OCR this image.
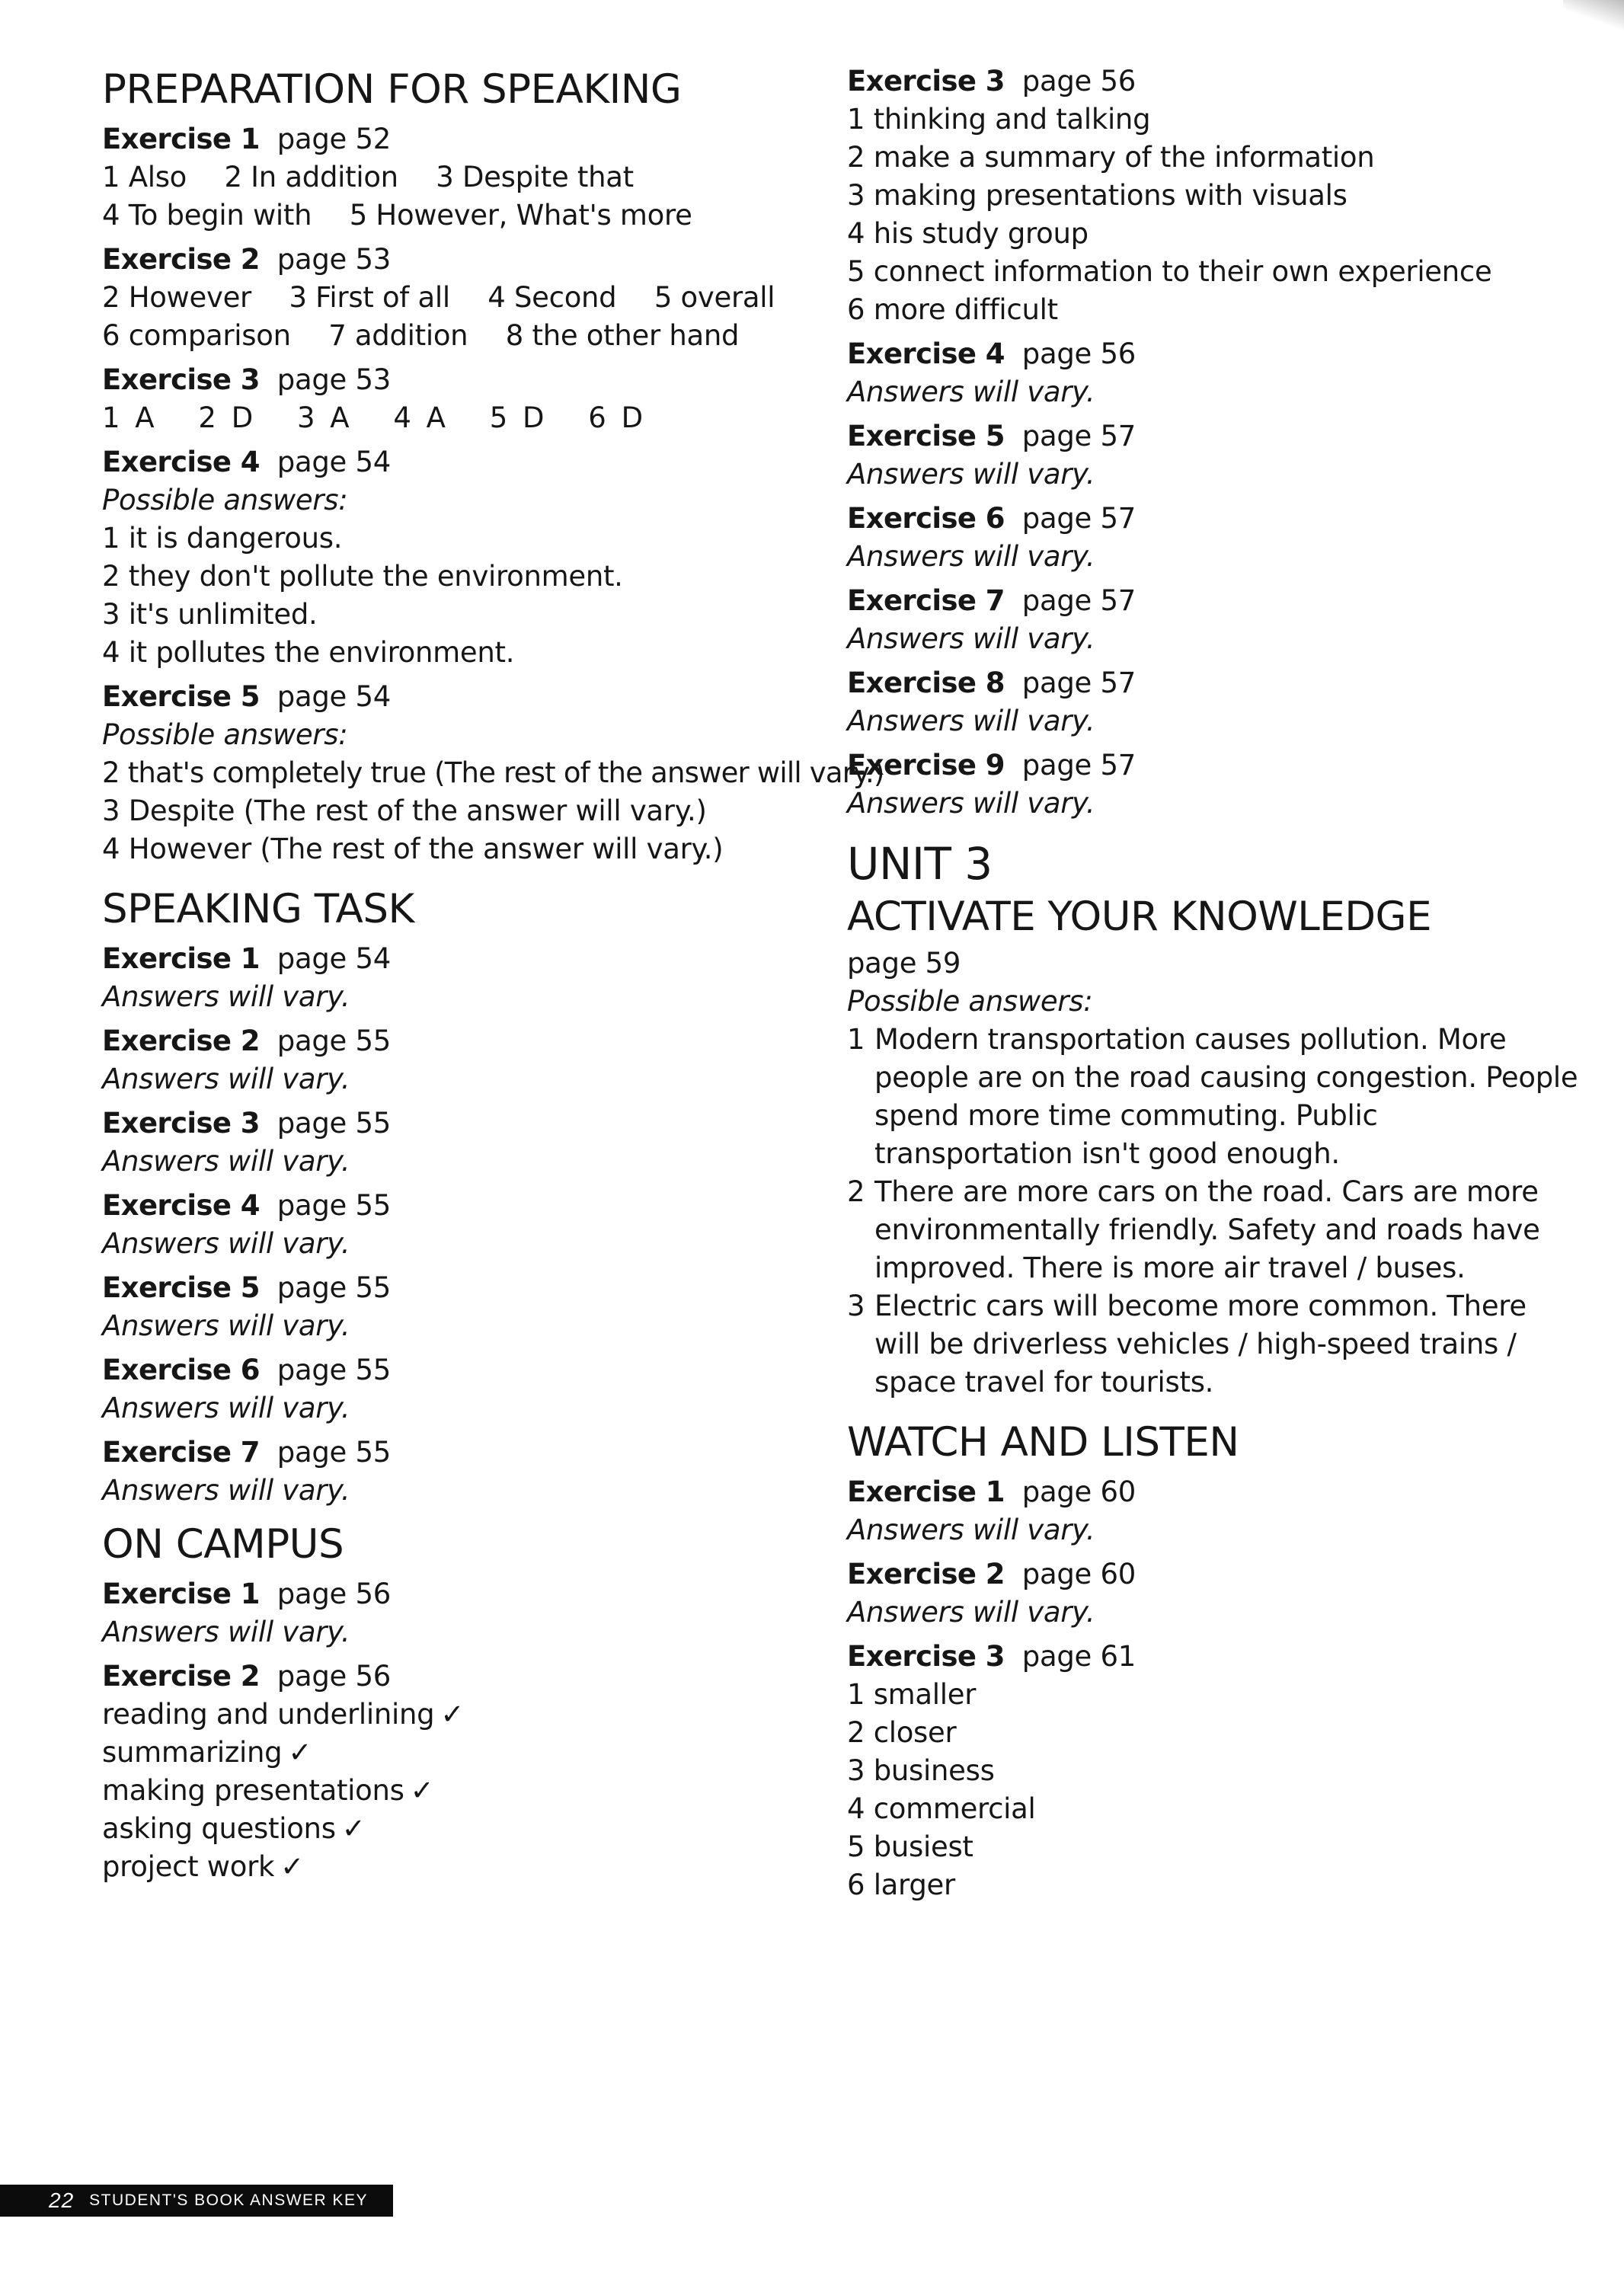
PREPARATION FOR SPEAKING
Exercise 1 page 52
1 Also 2 In addition 3 Despite that
4 To begin with 5 However, What's more
Exercise 2 page 53
2 However 3 First of all 4 Second 5 overall
6 comparison 7 addition 8 the other hand
Exercise 3 page 53
1 A 2 D 3 A 4 A 5 D 6 D
Exercise 4 page 54
Possible answers:
1 it is dangerous.
2 they don't pollute the environment.
3 it's unlimited.
4 it pollutes the environment.
Exercise 5 page 54
Possible answers:
2 that's completely true (The rest of the answer will vary.)
3 Despite (The rest of the answer will vary.)
4 However (The rest of the answer will vary.)
SPEAKING TASK
Exercise 1 page 54
Answers will vary.
Exercise 2 page 55
Answers will vary.
Exercise 3 page 55
Answers will vary.
Exercise 4 page 55
Answers will vary.
Exercise 5 page 55
Answers will vary.
Exercise 6 page 55
Answers will vary.
Exercise 7 page 55
Answers will vary.
ON CAMPUS
Exercise 1 page 56
Answers will vary.
Exercise 2 page 56
reading and underlining ✓
summarizing ✓
making presentations ✓
asking questions ✓
project work ✓
Exercise 3 page 56
1 thinking and talking
2 make a summary of the information
3 making presentations with visuals
4 his study group
5 connect information to their own experience
6 more difficult
Exercise 4 page 56
Answers will vary.
Exercise 5 page 57
Answers will vary.
Exercise 6 page 57
Answers will vary.
Exercise 7 page 57
Answers will vary.
Exercise 8 page 57
Answers will vary.
Exercise 9 page 57
Answers will vary.
UNIT 3
ACTIVATE YOUR KNOWLEDGE
page 59
Possible answers:
1 Modern transportation causes pollution. More people are on the road causing congestion. People spend more time commuting. Public transportation isn't good enough.
2 There are more cars on the road. Cars are more environmentally friendly. Safety and roads have improved. There is more air travel / buses.
3 Electric cars will become more common. There will be driverless vehicles / high-speed trains / space travel for tourists.
WATCH AND LISTEN
Exercise 1 page 60
Answers will vary.
Exercise 2 page 60
Answers will vary.
Exercise 3 page 61
1 smaller
2 closer
3 business
4 commercial
5 busiest
6 larger
22 STUDENT'S BOOK ANSWER KEY
